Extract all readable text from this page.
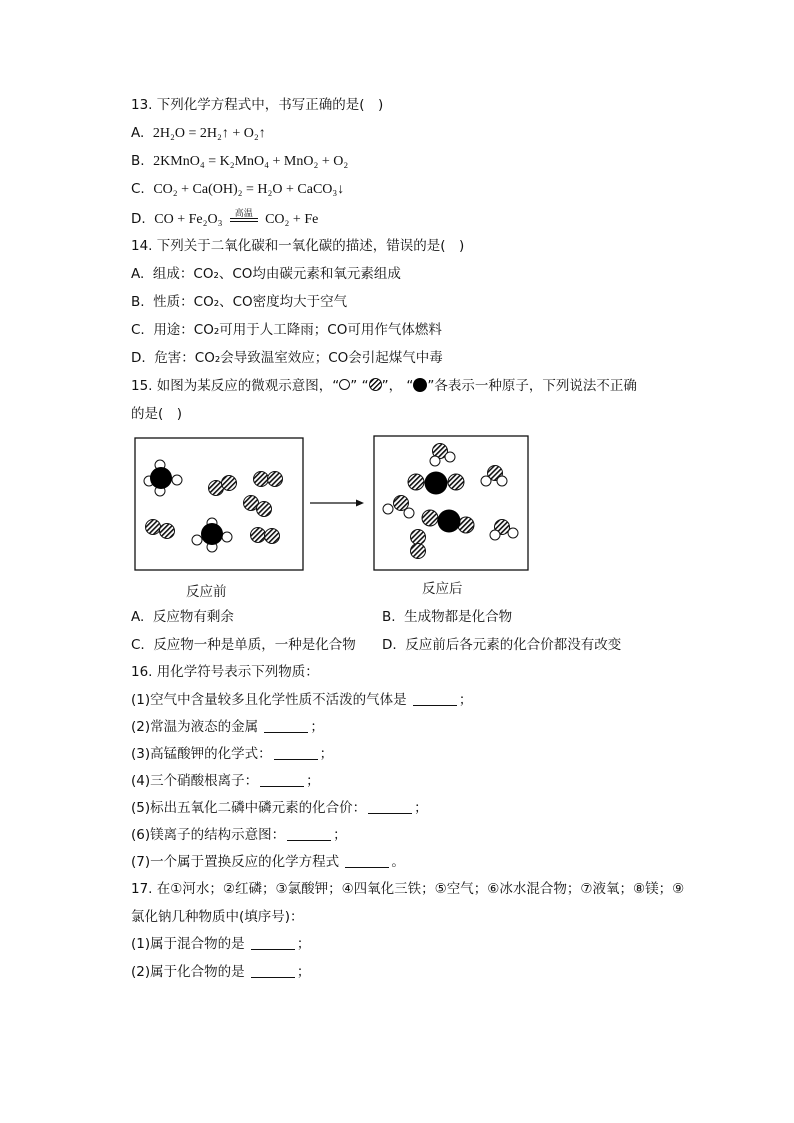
13. 下列化学方程式中，书写正确的是(　)
A. 2H₂O = 2H₂↑ + O₂↑
B. 2KMnO₄ = K₂MnO₄ + MnO₂ + O₂
C. CO₂ + Ca(OH)₂ = H₂O + CaCO₃↓
D. CO + Fe₂O₃	高温 CO₂ + Fe
14. 下列关于二氧化碳和一氧化碳的描述，错误的是(　)
A. 组成：CO₂、CO均由碳元素和氧元素组成
B. 性质：CO₂、CO密度均大于空气
C. 用途：CO₂可用于人工降雨；CO可用作气体燃料
D. 危害：CO₂会导致温室效应；CO会引起煤气中毒
15. 如图为某反应的微观示意图，“ ” “ ”， “ ”各表示一种原子，下列说法不正确
的是(　)
反应前	反应后
A. 反应物有剩余	B. 生成物都是化合物
C. 反应物一种是单质，一种是化合物 D. 反应前后各元素的化合价都没有改变
16. 用化学符号表示下列物质：
(1)空气中含量较多且化学性质不活泼的气体是	；
(2)常温为液态的金属	；
(3)高锰酸钾的化学式：	；
(4)三个硝酸根离子：	；
(5)标出五氧化二磷中磷元素的化合价：	；
(6)镁离子的结构示意图：	；
(7)一个属于置换反应的化学方程式	。
17. 在①河水；②红磷；③氯酸钾；④四氧化三铁；⑤空气；⑥冰水混合物；⑦液氧；⑧镁；⑨
氯化钠几种物质中(填序号)：
(1)属于混合物的是	；
(2)属于化合物的是	；
